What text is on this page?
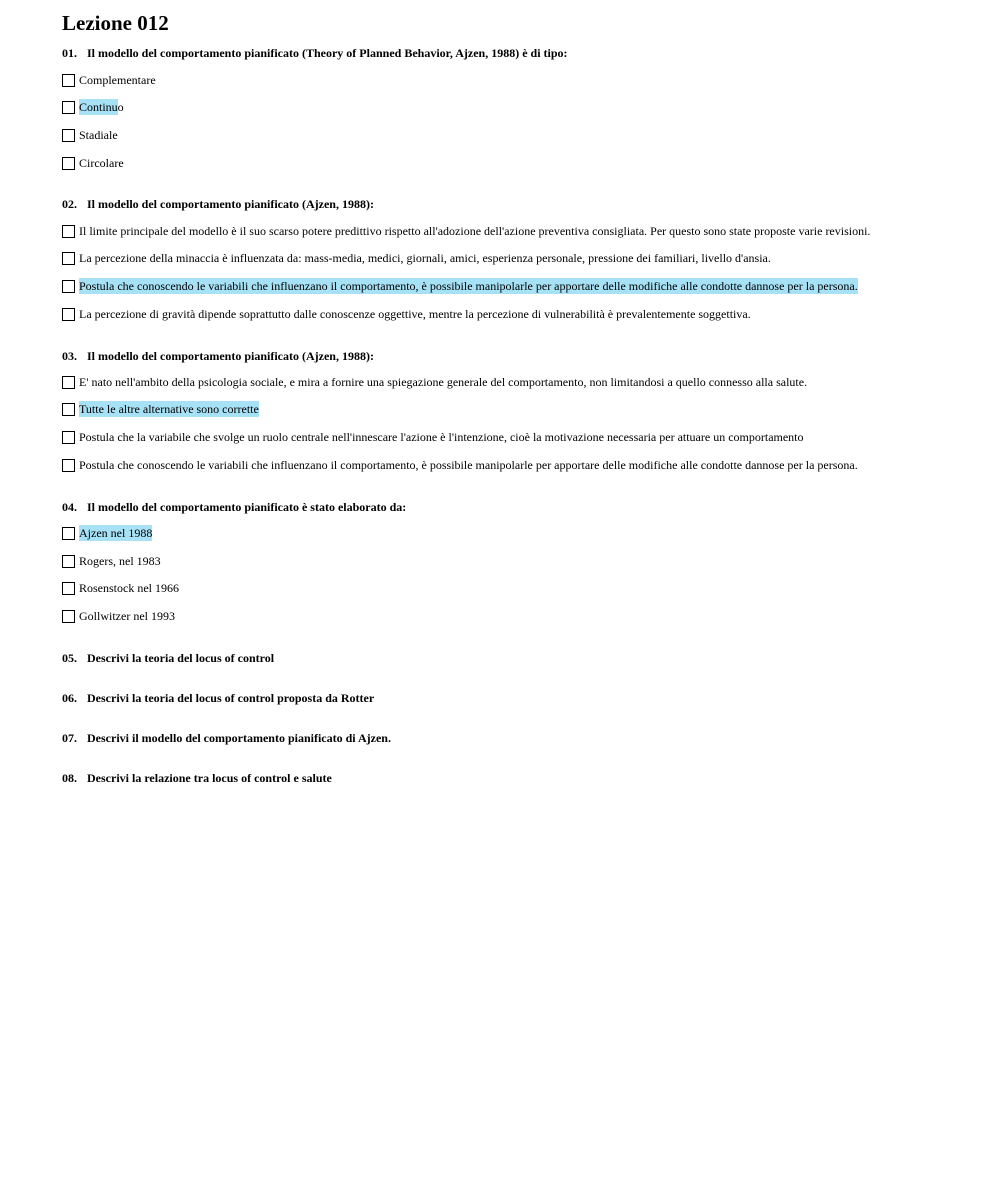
Lezione 012
01. Il modello del comportamento pianificato (Theory of Planned Behavior, Ajzen, 1988) è di tipo:
Complementare
Continu o
Stadiale
Circolare
02. Il modello del comportamento pianificato (Ajzen, 1988):
Il limite principale del modello è il suo scarso potere predittivo rispetto all'adozione dell'azione preventiva consigliata. Per questo sono state proposte varie revisioni.
La percezione della minaccia è influenzata da: mass-media, medici, giornali, amici, esperienza personale, pressione dei familiari, livello d'ansia.
Postula che conoscendo le variabili che influenzano il comportamento, è possibile manipolarle per apportare delle modifiche alle condotte dannose per la persona.
La percezione di gravità dipende soprattutto dalle conoscenze oggettive, mentre la percezione di vulnerabilità è prevalentemente soggettiva.
03. Il modello del comportamento pianificato (Ajzen, 1988):
E' nato nell'ambito della psicologia sociale, e mira a fornire una spiegazione generale del comportamento, non limitandosi a quello connesso alla salute.
Tutte le altre alternative sono corrette
Postula che la variabile che svolge un ruolo centrale nell'innescare l'azione è l'intenzione, cioè la motivazione necessaria per attuare un comportamento
Postula che conoscendo le variabili che influenzano il comportamento, è possibile manipolarle per apportare delle modifiche alle condotte dannose per la persona.
04. Il modello del comportamento pianificato è stato elaborato da:
Ajzen nel 1988
Rogers, nel 1983
Rosenstock nel 1966
Gollwitzer nel 1993
05. Descrivi la teoria del locus of control
06. Descrivi la teoria del locus of control proposta da Rotter
07. Descrivi il modello del comportamento pianificato di Ajzen.
08. Descrivi la relazione tra locus of control e salute
